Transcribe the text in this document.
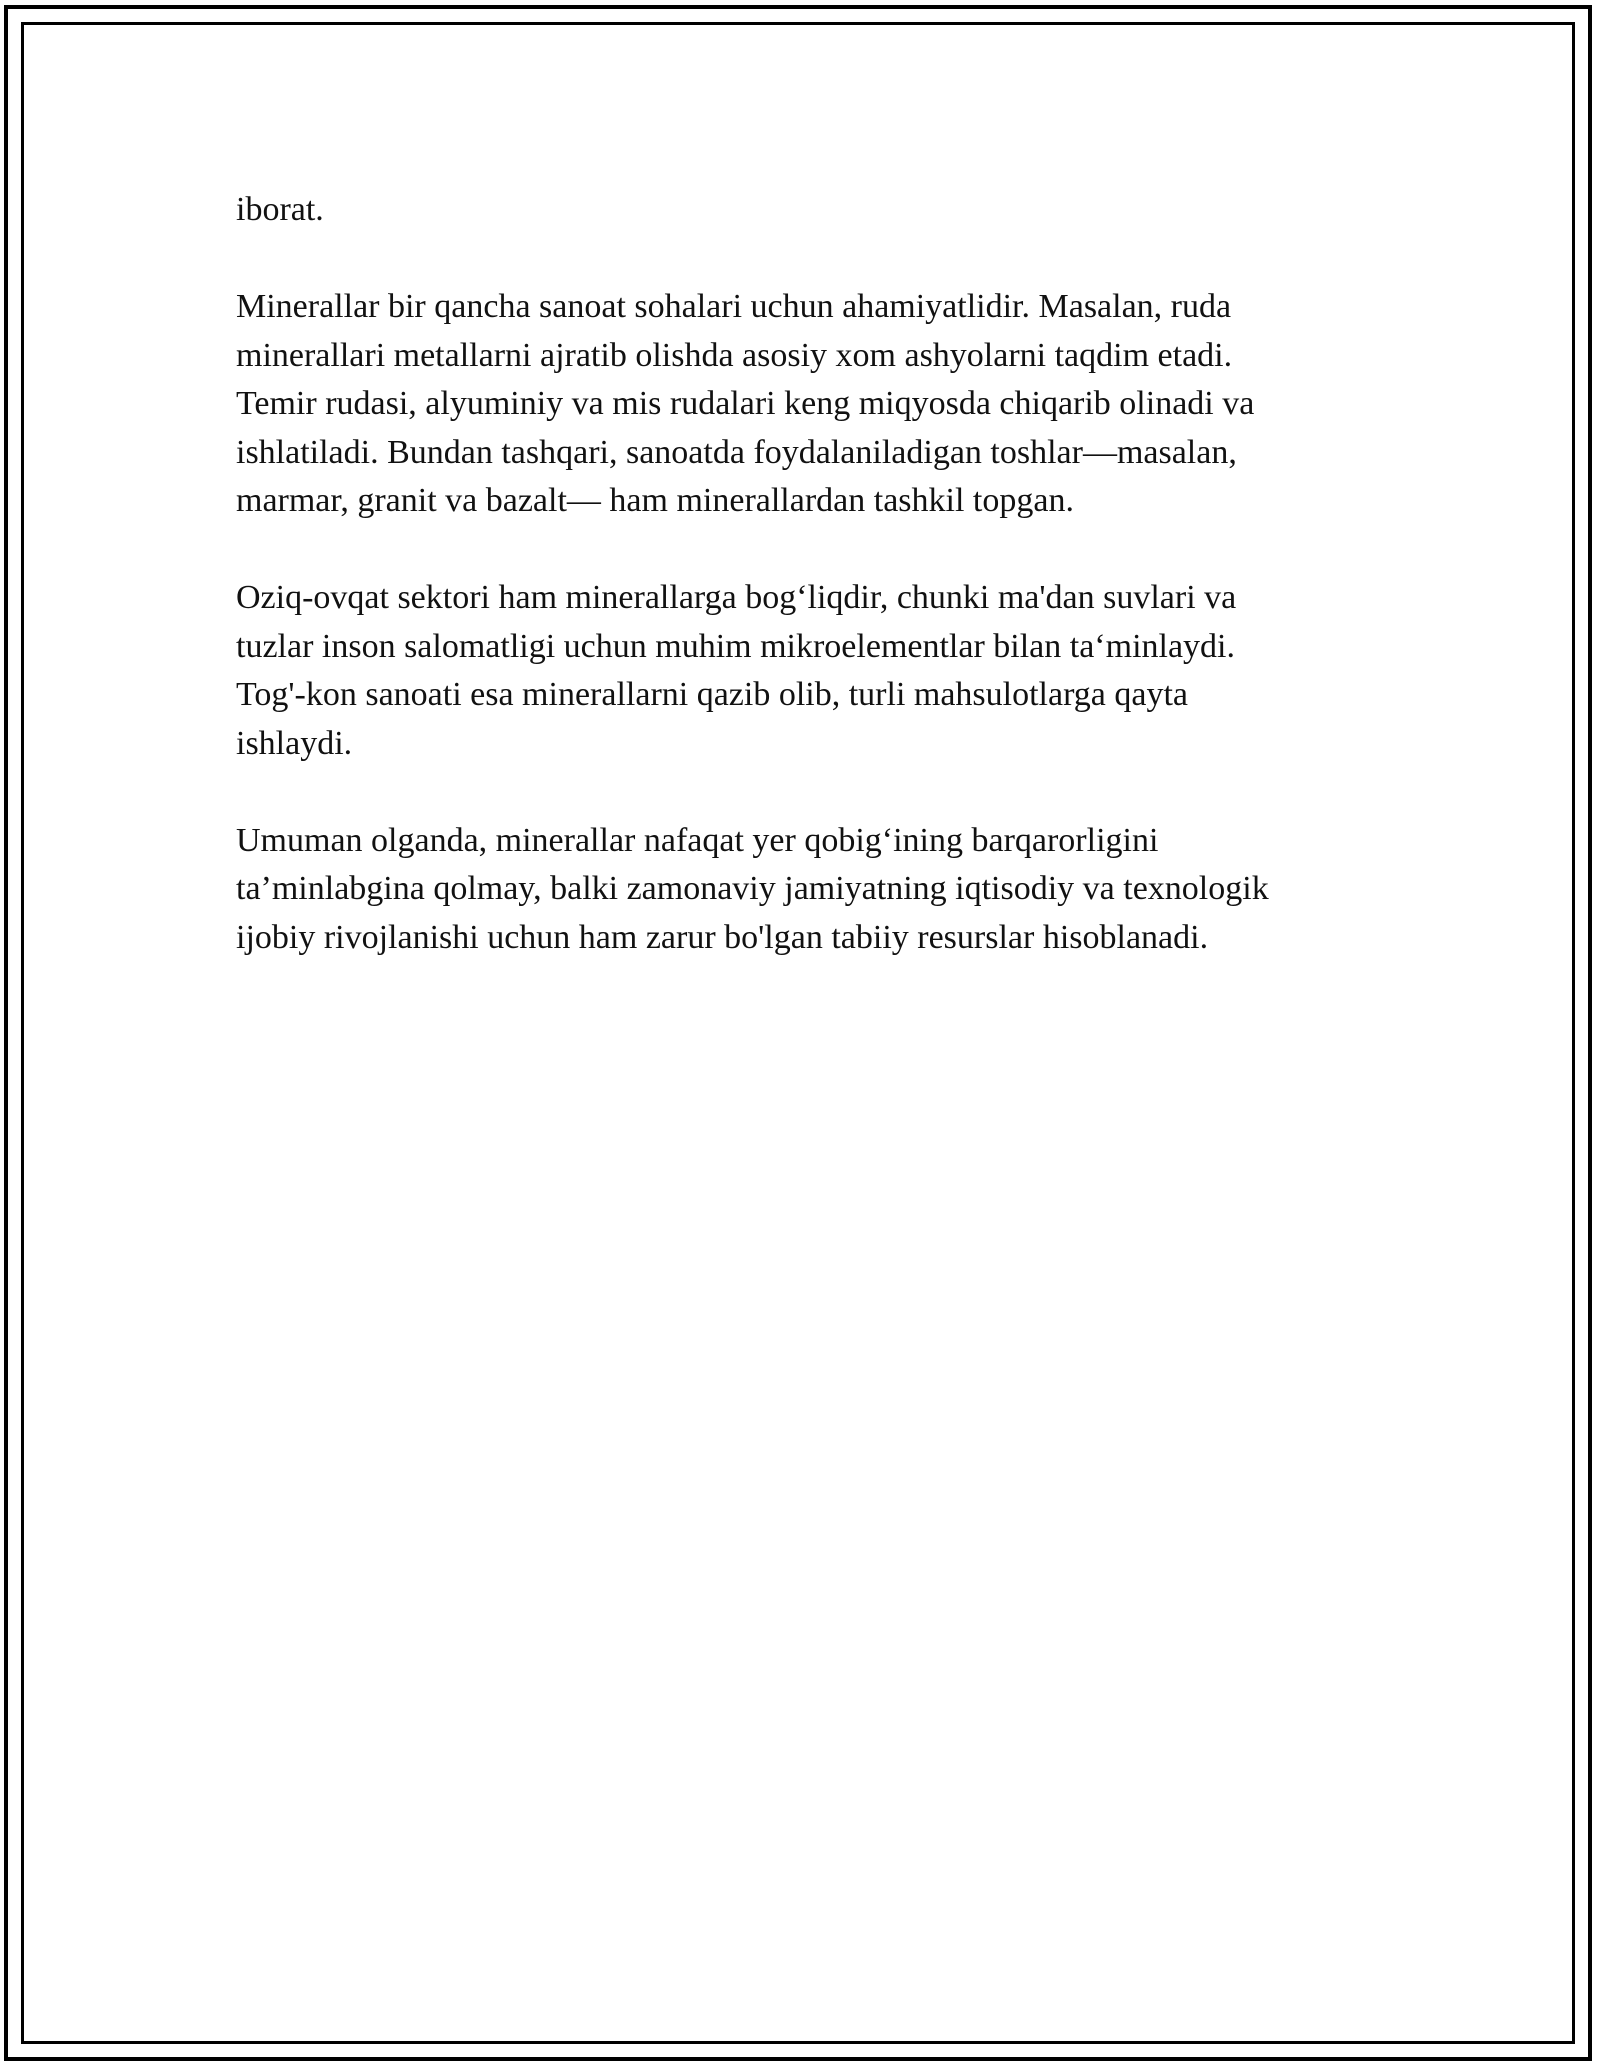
iborat.

Minerallar bir qancha sanoat sohalari uchun ahamiyatlidir. Masalan, ruda
minerallari metallarni ajratib olishda asosiy xom ashyolarni taqdim etadi.
Temir rudasi, alyuminiy va mis rudalari keng miqyosda chiqarib olinadi va
ishlatiladi. Bundan tashqari, sanoatda foydalaniladigan toshlar—masalan,
marmar, granit va bazalt— ham minerallardan tashkil topgan.

Oziq-ovqat sektori ham minerallarga bog‘liqdir, chunki ma'dan suvlari va
tuzlar inson salomatligi uchun muhim mikroelementlar bilan ta‘minlaydi.
Tog'-kon sanoati esa minerallarni qazib olib, turli mahsulotlarga qayta
ishlaydi.

Umuman olganda, minerallar nafaqat yer qobig‘ining barqarorligini
ta’minlabgina qolmay, balki zamonaviy jamiyatning iqtisodiy va texnologik
ijobiy rivojlanishi uchun ham zarur bo'lgan tabiiy resurslar hisoblanadi.
